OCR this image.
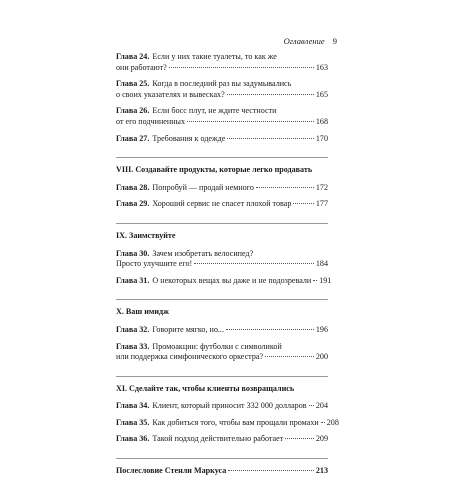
Оглавление 9
Глава 24. Если у них такие туалеты, то как же
они работают?	163
Глава 25. Когда в последний раз вы задумывались
о своих указателях и вывесках?	165
Глава 26. Если босс плут, не ждите честности
от его подчиненных	168
Глава 27. Требования к одежде	170
VIII. Создавайте продукты, которые легко продавать
Глава 28. Попробуй — продай немного	172
Глава 29. Хороший сервис не спасет плохой товар	177
IX. Заимствуйте
Глава 30. Зачем изобретать велосипед?
Просто улучшите его!	184
Глава 31. О некоторых вещах вы даже и не подозревали 191
X. Ваш имидж
Глава 32. Говорите мягко, но...	196
Глава 33. Промоакции: футболки с символикой
или поддержка симфонического оркестра?	200
XI. Сделайте так, чтобы клиенты возвращались
Глава 34. Клиент, который приносит 332 000 долларов 204
Глава 35. Как добиться того, чтобы вам прощали промахи 208
Глава 36. Такой подход действительно работает	209
Послесловие Стенли Маркуса	213
